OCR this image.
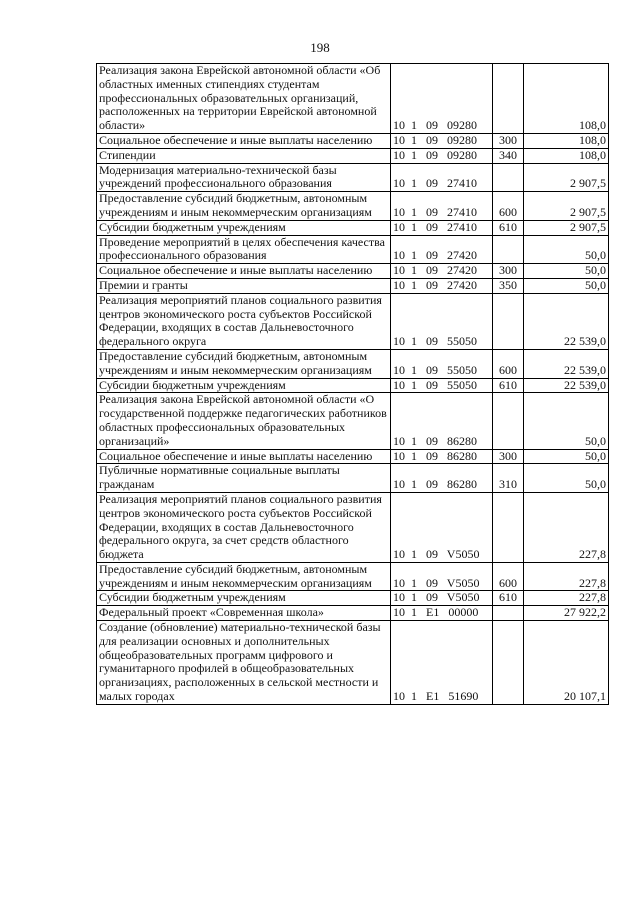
198
Реализация закона Еврейской автономной области «Об областных именных стипендиях студентам профессиональных образовательных организаций, расположенных на территории Еврейской автономной области»	10  1   09   09280		108,0
Социальное обеспечение и иные выплаты населению	10  1   09   09280	300	108,0
Стипендии	10  1   09   09280	340	108,0
Модернизация материально-технической базы учреждений профессионального образования	10  1   09   27410		2 907,5
Предоставление субсидий бюджетным, автономным учреждениям и иным некоммерческим организациям	10  1   09   27410	600	2 907,5
Субсидии бюджетным учреждениям	10  1   09   27410	610	2 907,5
Проведение мероприятий в целях обеспечения качества профессионального образования	10  1   09   27420		50,0
Социальное обеспечение и иные выплаты населению	10  1   09   27420	300	50,0
Премии и гранты	10  1   09   27420	350	50,0
Реализация мероприятий планов социального развития центров экономического роста субъектов Российской Федерации, входящих в состав Дальневосточного федерального округа	10  1   09   55050		22 539,0
Предоставление субсидий бюджетным, автономным учреждениям и иным некоммерческим организациям	10  1   09   55050	600	22 539,0
Субсидии бюджетным учреждениям	10  1   09   55050	610	22 539,0
Реализация закона Еврейской автономной области «О государственной поддержке педагогических работников областных профессиональных образовательных организаций»	10  1   09   86280		50,0
Социальное обеспечение и иные выплаты населению	10  1   09   86280	300	50,0
Публичные нормативные социальные выплаты гражданам	10  1   09   86280	310	50,0
Реализация мероприятий планов социального развития центров экономического роста субъектов Российской Федерации, входящих в состав Дальневосточного федерального округа, за счет средств областного бюджета	10  1   09   V5050		227,8
Предоставление субсидий бюджетным, автономным учреждениям и иным некоммерческим организациям	10  1   09   V5050	600	227,8
Субсидии бюджетным учреждениям	10  1   09   V5050	610	227,8
Федеральный проект «Современная школа»	10  1   E1   00000		27 922,2
Создание (обновление) материально-технической базы для реализации основных и дополнительных общеобразовательных программ цифрового и гуманитарного профилей в общеобразовательных организациях, расположенных в сельской местности и малых городах	10  1   E1   51690		20 107,1
